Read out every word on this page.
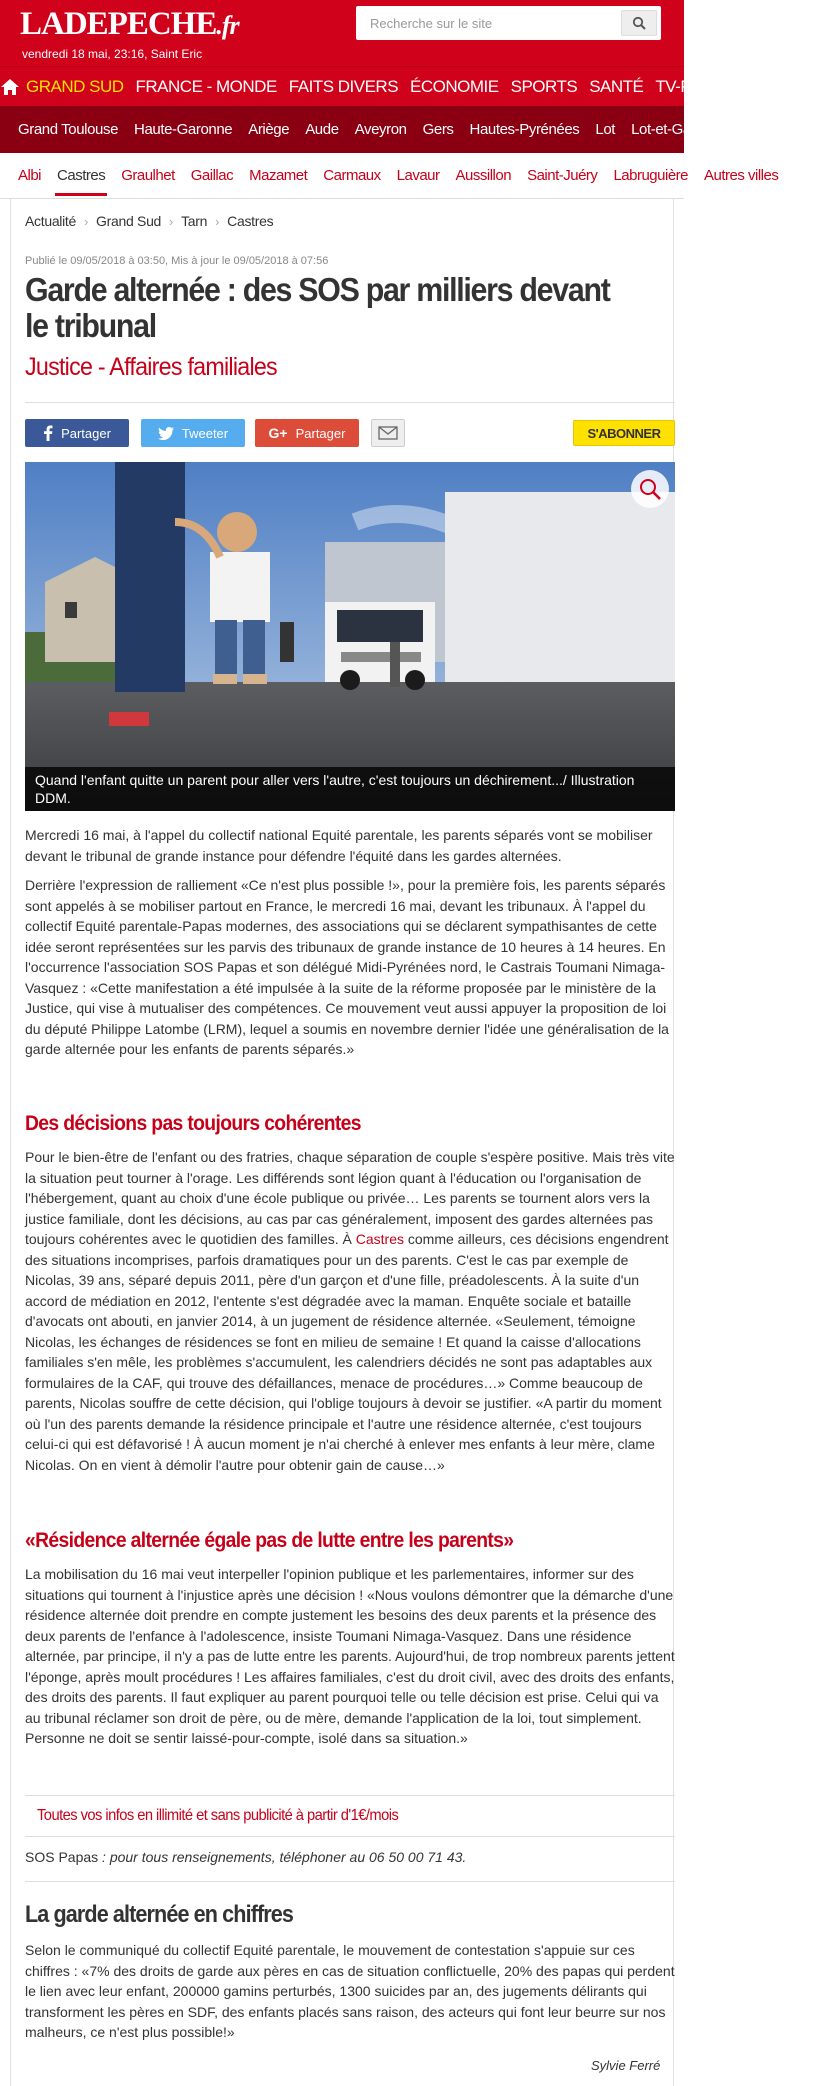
LADEPECHE.fr
vendredi 18 mai, 23:16, Saint Eric
Recherche sur le site
GRAND SUD FRANCE - MONDE FAITS DIVERS ÉCONOMIE SPORTS SANTÉ TV-PEOPLE LOISIRS
Grand Toulouse	Haute-Garonne	Ariège	Aude	Aveyron	Gers	Hautes-Pyrénées	Lot	Lot-et-Garonne
Albi	Castres	Graulhet	Gaillac	Mazamet	Carmaux	Lavaur	Aussillon	Saint-Juéry	Labruguière	Autres villes
Actualité › Grand Sud › Tarn › Castres
Publié le 09/05/2018 à 03:50, Mis à jour le 09/05/2018 à 07:56
Garde alternée : des SOS par milliers devant le tribunal
Justice - Affaires familiales
Partager	Tweeter	G+ Partager	S'ABONNER
Quand l'enfant quitte un parent pour aller vers l'autre, c'est toujours un déchirement.../ Illustration DDM.

Mercredi 16 mai, à l'appel du collectif national Equité parentale, les parents séparés vont se mobiliser devant le tribunal de grande instance pour défendre l'équité dans les gardes alternées.

Derrière l'expression de ralliement «Ce n'est plus possible !», pour la première fois, les parents séparés sont appelés à se mobiliser partout en France, le mercredi 16 mai, devant les tribunaux. À l'appel du collectif Equité parentale-Papas modernes, des associations qui se déclarent sympathisantes de cette idée seront représentées sur les parvis des tribunaux de grande instance de 10 heures à 14 heures. En l'occurrence l'association SOS Papas et son délégué Midi-Pyrénées nord, le Castrais Toumani Nimaga-Vasquez : «Cette manifestation a été impulsée à la suite de la réforme proposée par le ministère de la Justice, qui vise à mutualiser des compétences. Ce mouvement veut aussi appuyer la proposition de loi du député Philippe Latombe (LRM), lequel a soumis en novembre dernier l'idée une généralisation de la garde alternée pour les enfants de parents séparés.»

Des décisions pas toujours cohérentes

Pour le bien-être de l'enfant ou des fratries, chaque séparation de couple s'espère positive. Mais très vite la situation peut tourner à l'orage. Les différends sont légion quant à l'éducation ou l'organisation de l'hébergement, quant au choix d'une école publique ou privée… Les parents se tournent alors vers la justice familiale, dont les décisions, au cas par cas généralement, imposent des gardes alternées pas toujours cohérentes avec le quotidien des familles. À Castres comme ailleurs, ces décisions engendrent des situations incomprises, parfois dramatiques pour un des parents. C'est le cas par exemple de Nicolas, 39 ans, séparé depuis 2011, père d'un garçon et d'une fille, préadolescents. À la suite d'un accord de médiation en 2012, l'entente s'est dégradée avec la maman. Enquête sociale et bataille d'avocats ont abouti, en janvier 2014, à un jugement de résidence alternée. «Seulement, témoigne Nicolas, les échanges de résidences se font en milieu de semaine ! Et quand la caisse d'allocations familiales s'en mêle, les problèmes s'accumulent, les calendriers décidés ne sont pas adaptables aux formulaires de la CAF, qui trouve des défaillances, menace de procédures…» Comme beaucoup de parents, Nicolas souffre de cette décision, qui l'oblige toujours à devoir se justifier. «A partir du moment où l'un des parents demande la résidence principale et l'autre une résidence alternée, c'est toujours celui-ci qui est défavorisé ! À aucun moment je n'ai cherché à enlever mes enfants à leur mère, clame Nicolas. On en vient à démolir l'autre pour obtenir gain de cause…»

«Résidence alternée égale pas de lutte entre les parents»

La mobilisation du 16 mai veut interpeller l'opinion publique et les parlementaires, informer sur des situations qui tournent à l'injustice après une décision ! «Nous voulons démontrer que la démarche d'une résidence alternée doit prendre en compte justement les besoins des deux parents et la présence des deux parents de l'enfance à l'adolescence, insiste Toumani Nimaga-Vasquez. Dans une résidence alternée, par principe, il n'y a pas de lutte entre les parents. Aujourd'hui, de trop nombreux parents jettent l'éponge, après moult procédures ! Les affaires familiales, c'est du droit civil, avec des droits des enfants, des droits des parents. Il faut expliquer au parent pourquoi telle ou telle décision est prise. Celui qui va au tribunal réclamer son droit de père, ou de mère, demande l'application de la loi, tout simplement. Personne ne doit se sentir laissé-pour-compte, isolé dans sa situation.»

Toutes vos infos en illimité et sans publicité à partir d'1€/mois

SOS Papas : pour tous renseignements, téléphoner au 06 50 00 71 43.

La garde alternée en chiffres

Selon le communiqué du collectif Equité parentale, le mouvement de contestation s'appuie sur ces chiffres : «7% des droits de garde aux pères en cas de situation conflictuelle, 20% des papas qui perdent le lien avec leur enfant, 200000 gamins perturbés, 1300 suicides par an, des jugements délirants qui transforment les pères en SDF, des enfants placés sans raison, des acteurs qui font leur beurre sur nos malheurs, ce n'est plus possible!»

Sylvie Ferré
